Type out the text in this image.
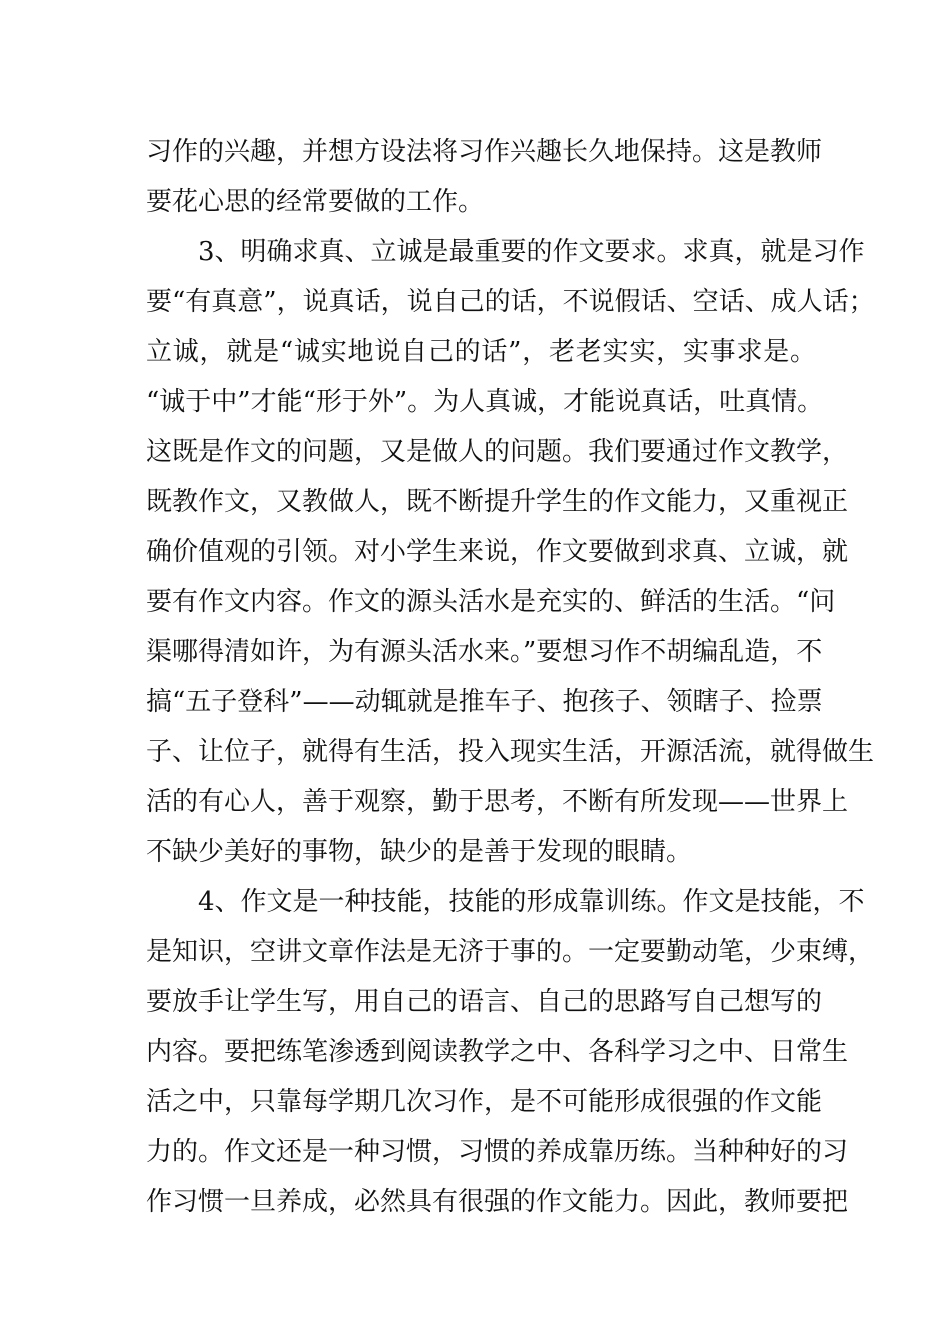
习作的兴趣，并想方设法将习作兴趣长久地保持。这是教师
要花心思的经常要做的工作。
3、明确求真、立诚是最重要的作文要求。求真，就是习作
要“有真意”，说真话，说自己的话，不说假话、空话、成人话；
立诚，就是“诚实地说自己的话”，老老实实，实事求是。
“诚于中”才能“形于外”。为人真诚，才能说真话，吐真情。
这既是作文的问题，又是做人的问题。我们要通过作文教学，
既教作文，又教做人，既不断提升学生的作文能力，又重视正
确价值观的引领。对小学生来说，作文要做到求真、立诚，就
要有作文内容。作文的源头活水是充实的、鲜活的生活。“问
渠哪得清如许，为有源头活水来。”要想习作不胡编乱造，不
搞“五子登科”——动辄就是推车子、抱孩子、领瞎子、捡票
子、让位子，就得有生活，投入现实生活，开源活流，就得做生
活的有心人，善于观察，勤于思考，不断有所发现——世界上
不缺少美好的事物，缺少的是善于发现的眼睛。
4、作文是一种技能，技能的形成靠训练。作文是技能，不
是知识，空讲文章作法是无济于事的。一定要勤动笔，少束缚，
要放手让学生写，用自己的语言、自己的思路写自己想写的
内容。要把练笔渗透到阅读教学之中、各科学习之中、日常生
活之中，只靠每学期几次习作，是不可能形成很强的作文能
力的。作文还是一种习惯，习惯的养成靠历练。当种种好的习
作习惯一旦养成，必然具有很强的作文能力。因此，教师要把
